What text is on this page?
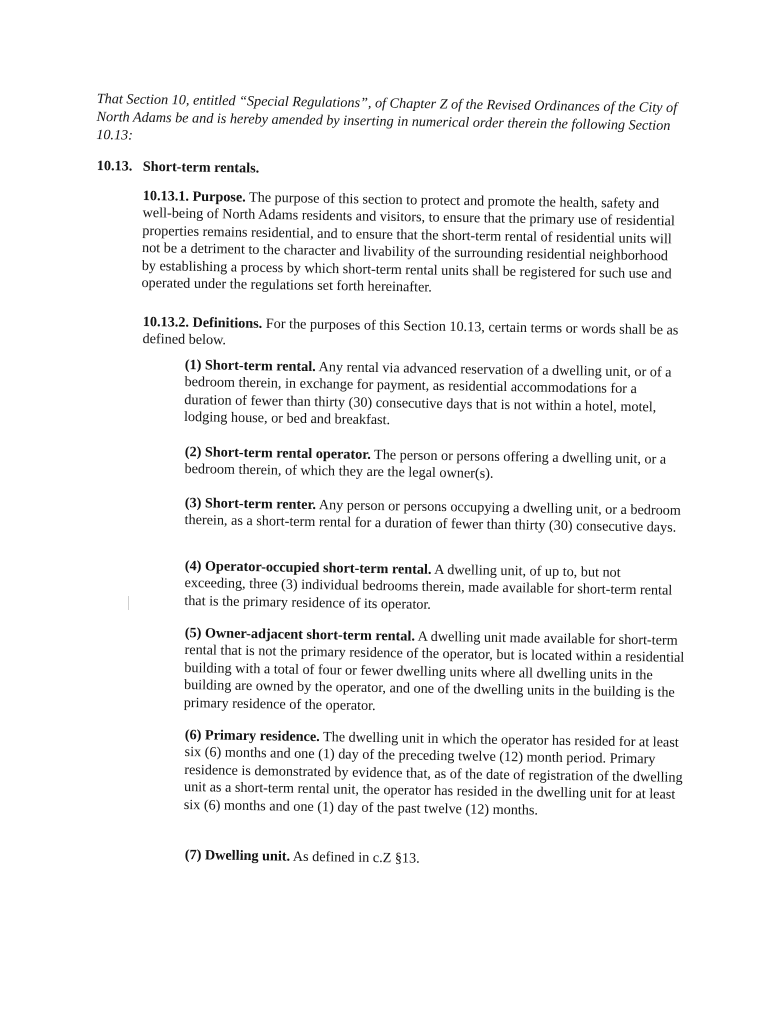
That Section 10, entitled “Special Regulations”, of Chapter Z of the Revised Ordinances of the City of North Adams be and is hereby amended by inserting in numerical order therein the following Section 10.13:
10.13. Short-term rentals.
10.13.1. Purpose. The purpose of this section to protect and promote the health, safety and well-being of North Adams residents and visitors, to ensure that the primary use of residential properties remains residential, and to ensure that the short-term rental of residential units will not be a detriment to the character and livability of the surrounding residential neighborhood by establishing a process by which short-term rental units shall be registered for such use and operated under the regulations set forth hereinafter.
10.13.2. Definitions. For the purposes of this Section 10.13, certain terms or words shall be as defined below.
(1) Short-term rental. Any rental via advanced reservation of a dwelling unit, or of a bedroom therein, in exchange for payment, as residential accommodations for a duration of fewer than thirty (30) consecutive days that is not within a hotel, motel, lodging house, or bed and breakfast.
(2) Short-term rental operator. The person or persons offering a dwelling unit, or a bedroom therein, of which they are the legal owner(s).
(3) Short-term renter. Any person or persons occupying a dwelling unit, or a bedroom therein, as a short-term rental for a duration of fewer than thirty (30) consecutive days.
(4) Operator-occupied short-term rental. A dwelling unit, of up to, but not exceeding, three (3) individual bedrooms therein, made available for short-term rental that is the primary residence of its operator.
(5) Owner-adjacent short-term rental. A dwelling unit made available for short-term rental that is not the primary residence of the operator, but is located within a residential building with a total of four or fewer dwelling units where all dwelling units in the building are owned by the operator, and one of the dwelling units in the building is the primary residence of the operator.
(6) Primary residence. The dwelling unit in which the operator has resided for at least six (6) months and one (1) day of the preceding twelve (12) month period. Primary residence is demonstrated by evidence that, as of the date of registration of the dwelling unit as a short-term rental unit, the operator has resided in the dwelling unit for at least six (6) months and one (1) day of the past twelve (12) months.
(7) Dwelling unit. As defined in c.Z §13.
